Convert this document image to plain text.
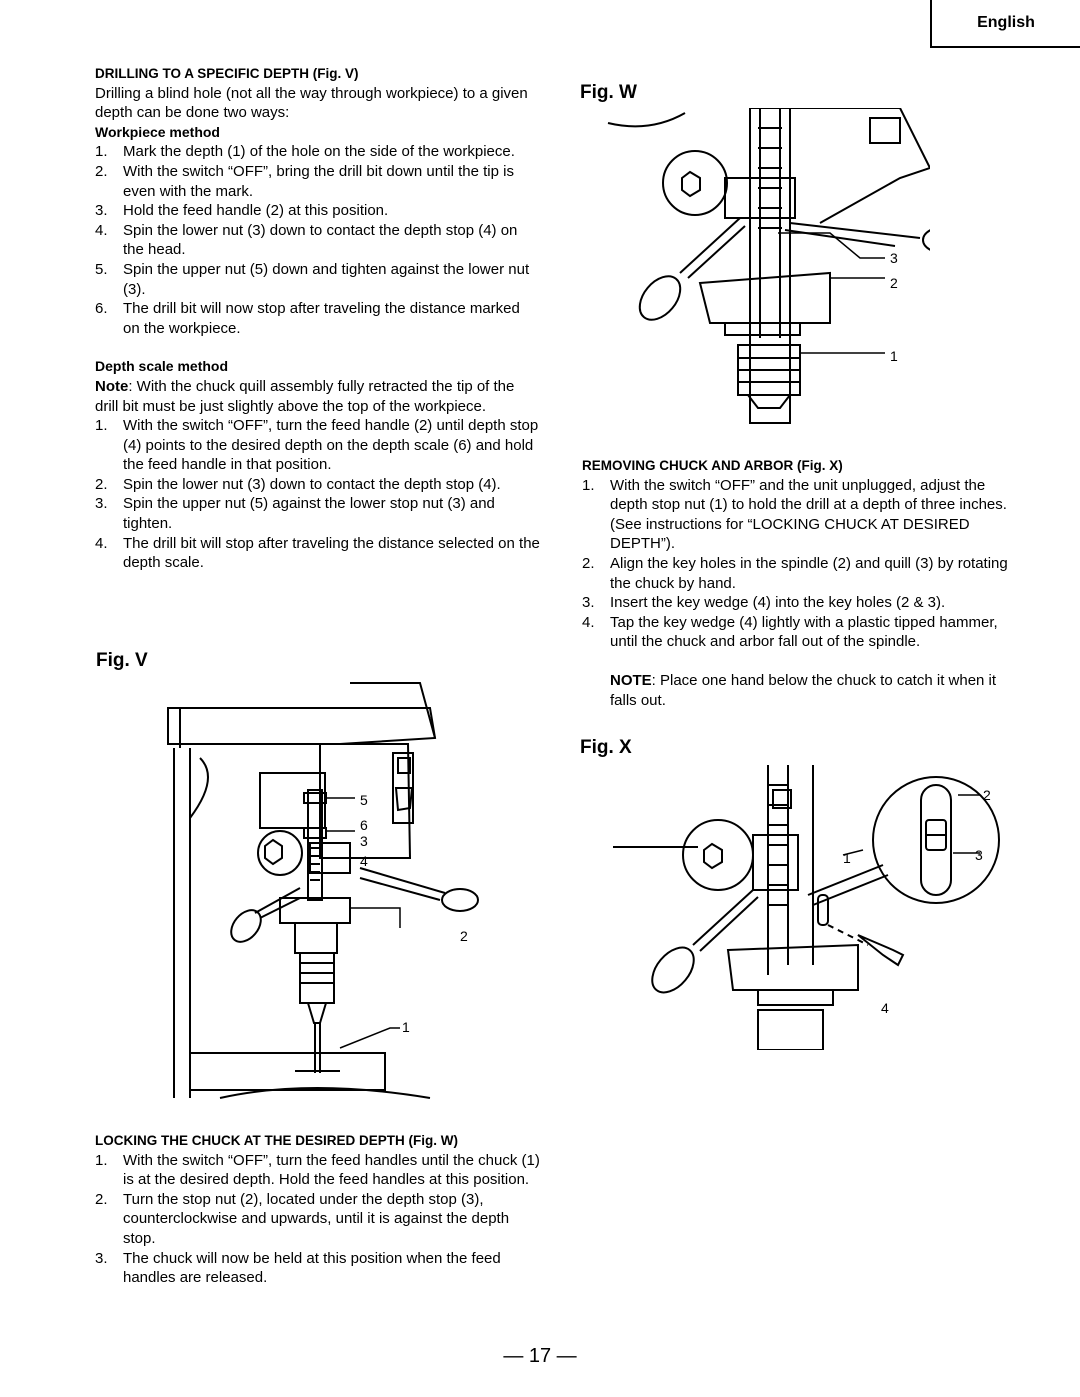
English

DRILLING TO A SPECIFIC DEPTH (Fig. V)

Drilling a blind hole (not all the way through workpiece) to a given depth can be done two ways:

Workpiece method

1. Mark the depth (1) of the hole on the side of the workpiece.
2. With the switch “OFF”, bring the drill bit down until the tip is even with the mark.
3. Hold the feed handle (2) at this position.
4. Spin the lower nut (3) down to contact the depth stop (4) on the head.
5. Spin the upper nut (5) down and tighten against the lower nut (3).
6. The drill bit will now stop after traveling the distance marked on the workpiece.

Depth scale method

Note: With the chuck quill assembly fully retracted the tip of the drill bit must be just slightly above the top of the workpiece.

1. With the switch “OFF”, turn the feed handle (2) until depth stop (4) points to the desired depth on the depth scale (6) and hold the feed handle in that position.
2. Spin the lower nut (3) down to contact the depth stop (4).
3. Spin the upper nut (5) against the lower stop nut (3) and tighten.
4. The drill bit will stop after traveling the distance selected on the depth scale.
Fig. V
5
6
3
4
2
1

LOCKING THE CHUCK AT THE DESIRED DEPTH (Fig. W)

1. With the switch “OFF”, turn the feed handles until the chuck (1) is at the desired depth. Hold the feed handles at this position.
2. Turn the stop nut (2), located under the depth stop (3), counterclockwise and upwards, until it is against the depth stop.
3. The chuck will now be held at this position when the feed handles are released.
Fig. W
3
2
1

REMOVING CHUCK AND ARBOR (Fig. X)

1. With the switch “OFF” and the unit unplugged, adjust the depth stop nut (1) to hold the drill at a depth of three inches. (See instructions for “LOCKING CHUCK AT DESIRED DEPTH”).
2. Align the key holes in the spindle (2) and quill (3) by rotating the chuck by hand.
3. Insert the key wedge (4) into the key holes (2 & 3).
4. Tap the key wedge (4) lightly with a plastic tipped hammer, until the chuck and arbor fall out of the spindle.

NOTE: Place one hand below the chuck to catch it when it falls out.

Fig. X
2
1	3
4
— 17 —
